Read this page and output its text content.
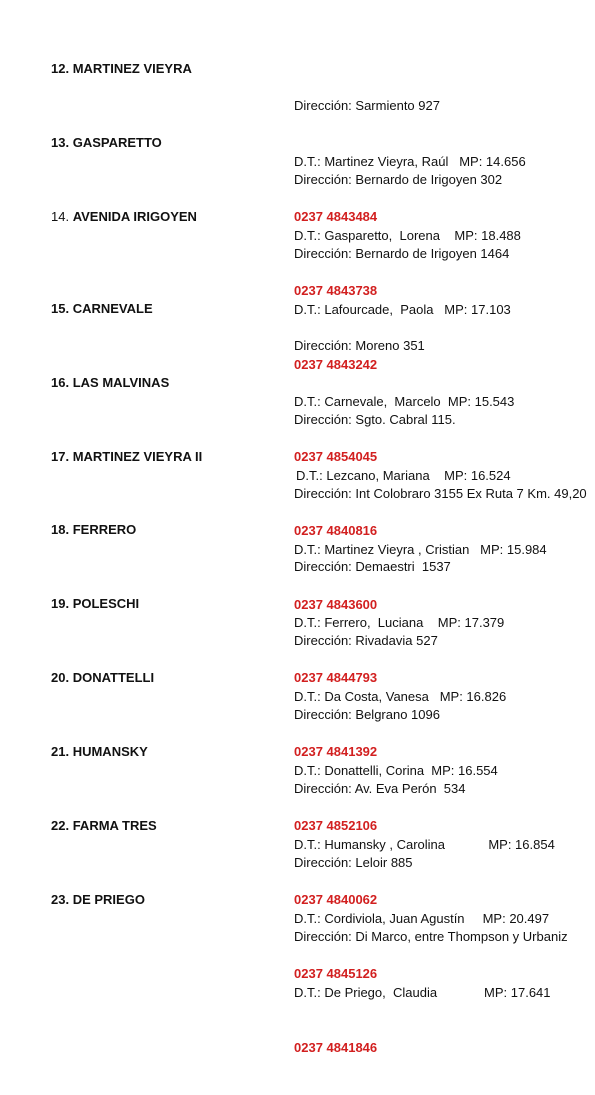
12. MARTINEZ VIEYRA

Dirección: Sarmiento 927

D.T.: Martinez Vieyra, Raúl   MP: 14.656

0237 4843484

13. GASPARETTO

Dirección: Bernardo de Irigoyen 302

D.T.: Gasparetto,  Lorena    MP: 18.488

0237 4843738

14. AVENIDA IRIGOYEN

Dirección: Bernardo de Irigoyen 1464

D.T.: Lafourcade,  Paola   MP: 17.103

0237 4843242

15. CARNEVALE

Dirección: Moreno 351

D.T.: Carnevale,  Marcelo  MP: 15.543

0237 4854045

16. LAS MALVINAS

Dirección: Sgto. Cabral 115.

D.T.: Lezcano, Mariana    MP: 16.524

0237 4840816

17. MARTINEZ VIEYRA II

Dirección: Int Colobraro 3155 Ex Ruta 7 Km. 49,20

D.T.: Martinez Vieyra , Cristian   MP: 15.984

0237 4843600

18. FERRERO

Dirección: Demaestri  1537

D.T.: Ferrero,  Luciana    MP: 17.379

0237 4844793

19. POLESCHI

Dirección: Rivadavia 527

D.T.: Da Costa, Vanesa   MP: 16.826

0237 4841392

20. DONATTELLI

Dirección: Belgrano 1096

D.T.: Donattelli, Corina  MP: 16.554

0237 4852106

21. HUMANSKY

Dirección: Av. Eva Perón  534

D.T.: Humansky , Carolina            MP: 16.854

0237 4840062

22. FARMA TRES

Dirección: Leloir 885

D.T.: Cordiviola, Juan Agustín     MP: 20.497

0237 4845126

23. DE PRIEGO

Dirección: Di Marco, entre Thompson y Urbaniz

D.T.: De Priego,  Claudia             MP: 17.641

0237 4841846
